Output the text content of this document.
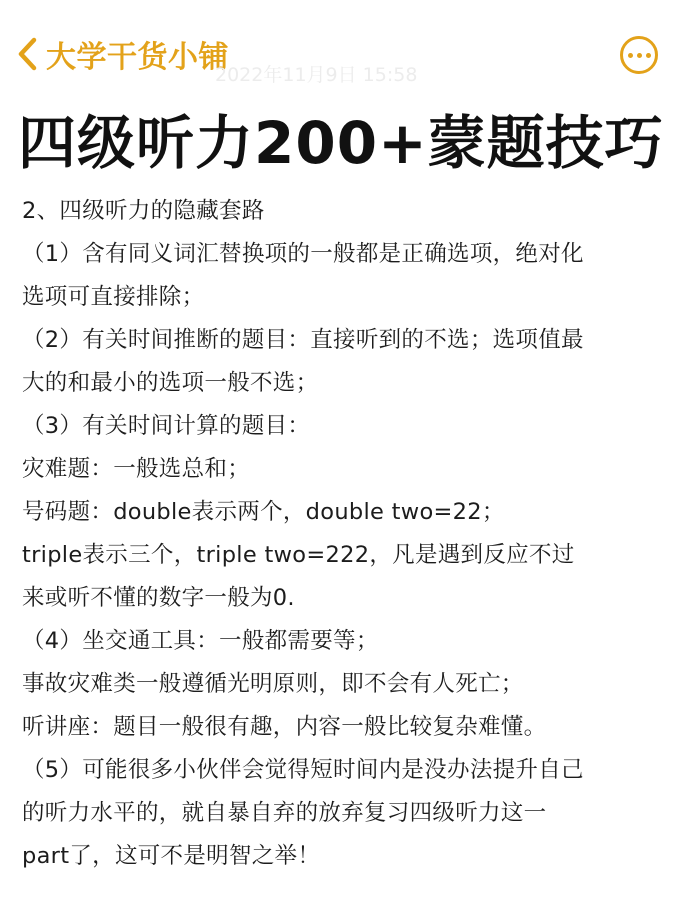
大学干货小铺
2022年11月9日 15:58
四级听力200+蒙题技巧
2、四级听力的隐藏套路
（1）含有同义词汇替换项的一般都是正确选项，绝对化
选项可直接排除；
（2）有关时间推断的题目：直接听到的不选；选项值最
大的和最小的选项一般不选；
（3）有关时间计算的题目：
灾难题：一般选总和；
号码题：double表示两个，double two=22；
triple表示三个，triple two=222，凡是遇到反应不过
来或听不懂的数字一般为0.
（4）坐交通工具：一般都需要等；
事故灾难类一般遵循光明原则，即不会有人死亡；
听讲座：题目一般很有趣，内容一般比较复杂难懂。
（5）可能很多小伙伴会觉得短时间内是没办法提升自己
的听力水平的，就自暴自弃的放弃复习四级听力这一
part了，这可不是明智之举！
